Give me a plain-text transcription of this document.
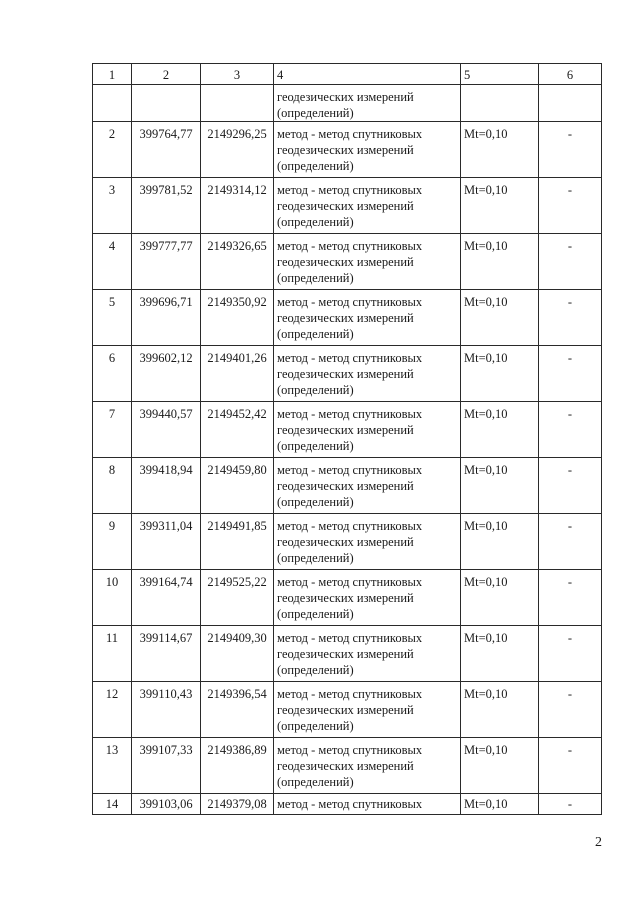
1	2	3	4	5	6
			геодезических измерений (определений)		
2	399764,77	2149296,25	метод - метод спутниковых геодезических измерений (определений)	Mt=0,10	-
3	399781,52	2149314,12	метод - метод спутниковых геодезических измерений (определений)	Mt=0,10	-
4	399777,77	2149326,65	метод - метод спутниковых геодезических измерений (определений)	Mt=0,10	-
5	399696,71	2149350,92	метод - метод спутниковых геодезических измерений (определений)	Mt=0,10	-
6	399602,12	2149401,26	метод - метод спутниковых геодезических измерений (определений)	Mt=0,10	-
7	399440,57	2149452,42	метод - метод спутниковых геодезических измерений (определений)	Mt=0,10	-
8	399418,94	2149459,80	метод - метод спутниковых геодезических измерений (определений)	Mt=0,10	-
9	399311,04	2149491,85	метод - метод спутниковых геодезических измерений (определений)	Mt=0,10	-
10	399164,74	2149525,22	метод - метод спутниковых геодезических измерений (определений)	Mt=0,10	-
11	399114,67	2149409,30	метод - метод спутниковых геодезических измерений (определений)	Mt=0,10	-
12	399110,43	2149396,54	метод - метод спутниковых геодезических измерений (определений)	Mt=0,10	-
13	399107,33	2149386,89	метод - метод спутниковых геодезических измерений (определений)	Mt=0,10	-
14	399103,06	2149379,08	метод - метод спутниковых	Mt=0,10	-
2
